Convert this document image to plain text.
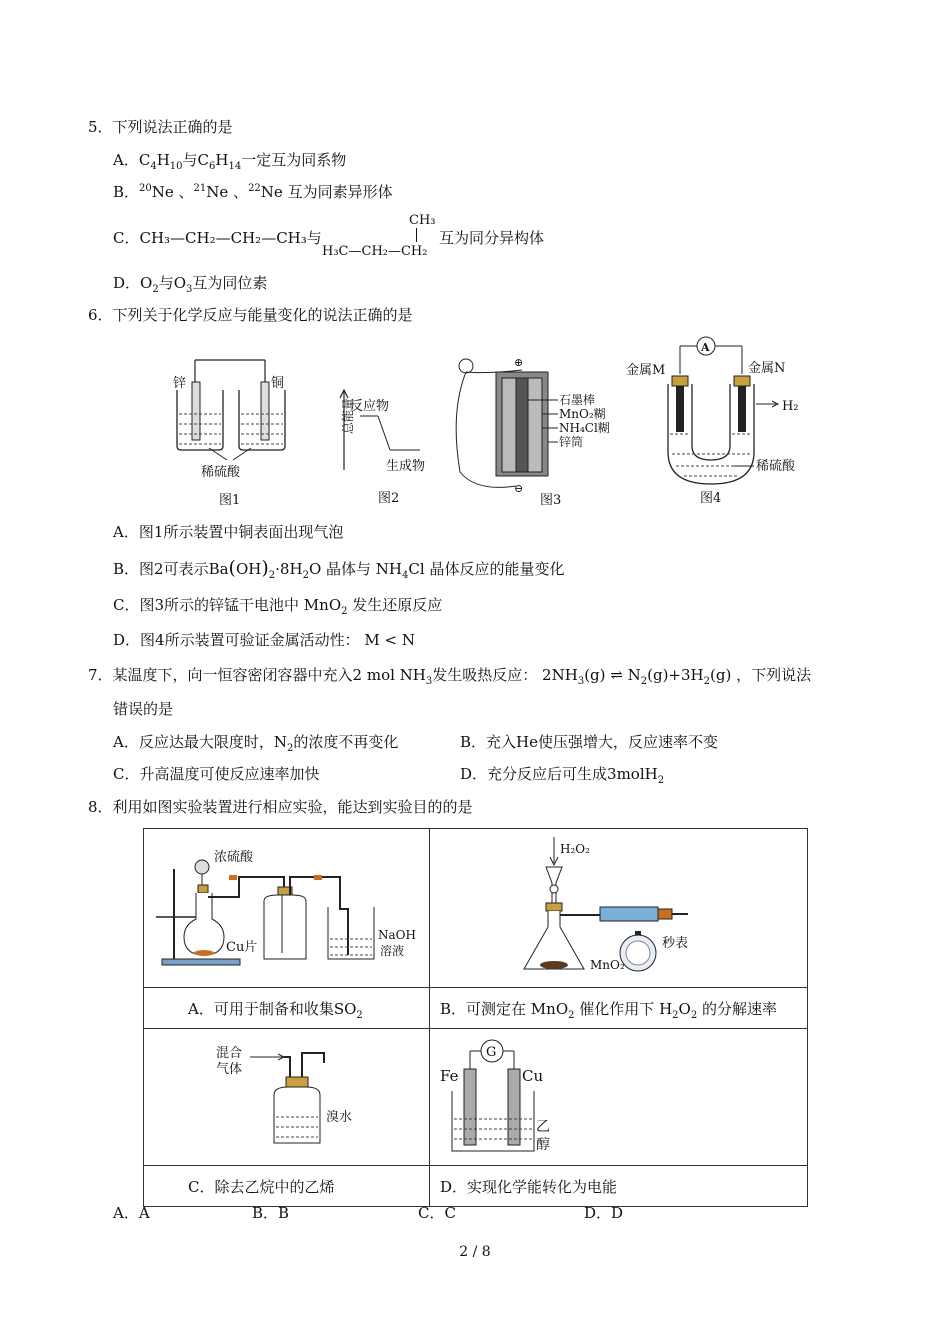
5．下列说法正确的是
A．$C_4H_{10}$与$C_6H_{14}$一定互为同系物
B．$^{20}$Ne 、$^{21}$Ne 、$^{22}$Ne 互为同素异形体
C．CH₃—CH₂—CH₂—CH₃与
CH₃
H₃C—CH₂—CH₂
互为同分异构体
D．$O_2$与$O_3$互为同位素
6．下列关于化学反应与能量变化的说法正确的是
锌	铜
稀硫酸
图1
总能量
反应物
生成物
图2
⊕
⊖
石墨棒
MnO₂糊
NH₄Cl糊
锌筒
图3
A
金属M	金属N
H₂
稀硫酸
图4
A．图1所示装置中铜表面出现气泡
B．图2可表示$Ba(OH)_2\cdot 8H_2O$ 晶体与 $NH_4Cl$ 晶体反应的能量变化
C．图3所示的锌锰干电池中 MnO$_2$ 发生还原反应
D．图4所示装置可验证金属活动性： M < N
7．某温度下，向一恒容密闭容器中充入2 mol $NH_3$发生吸热反应： $2NH_3(g)$ ⇌ $N_2(g)+3H_2(g)$ ，下列说法
错误的是
A．反应达最大限度时，$N_2$的浓度不再变化	B．充入He使压强增大，反应速率不变
C．升高温度可使反应速率加快	D．充分反应后可生成3molH$_2$
8．利用如图实验装置进行相应实验，能达到实验目的的是
浓硫酸
Cu片
NaOH
溶液	H₂O₂
秒表
MnO₂

A．可用于制备和收集$SO_2$	B．可测定在 MnO$_2$ 催化作用下 $H_2O_2$ 的分解速率

混合
气体
溴水	G
Fe Cu
乙
醇

C．除去乙烷中的乙烯	D．实现化学能转化为电能
A．A	B．B	C．C	D．D
2 / 8
